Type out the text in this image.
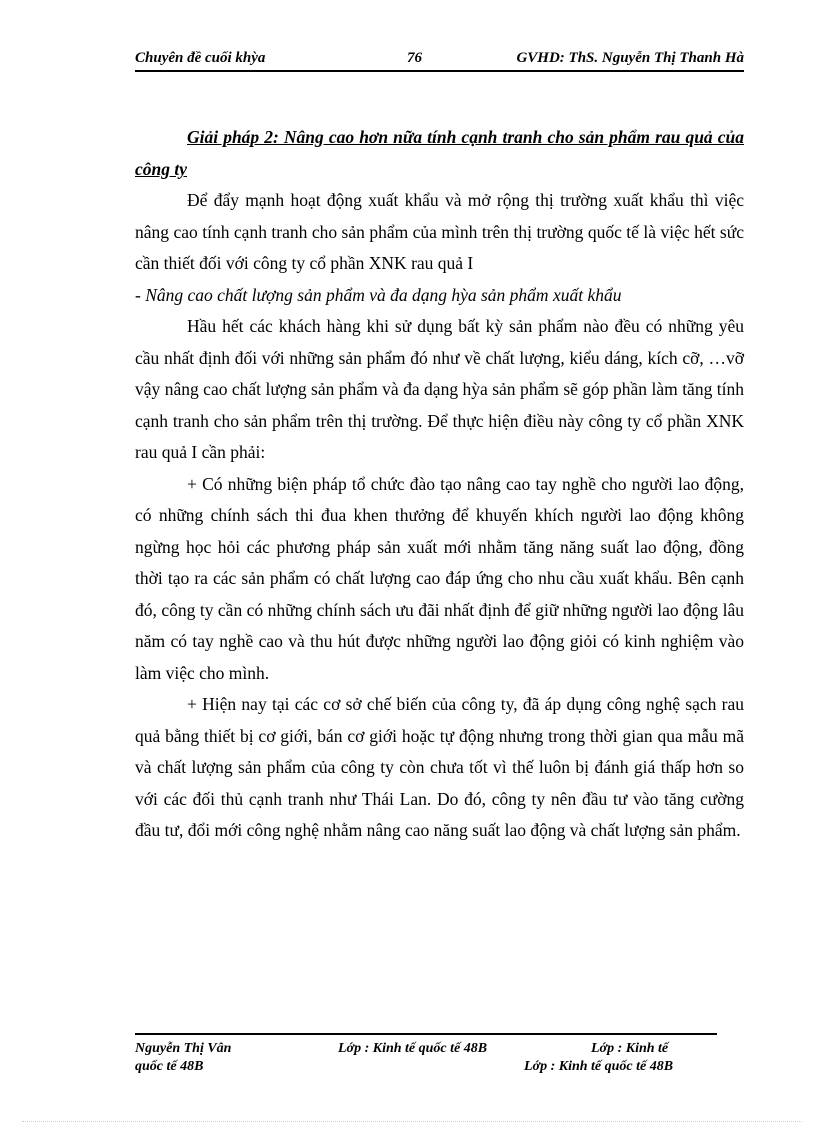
Chuyên đề cuối khỳa	76	GVHD: ThS. Nguyễn Thị Thanh Hà

Giải pháp 2: Nâng cao hơn nữa tính cạnh tranh cho sản phẩm rau quả của công ty

Để đẩy mạnh hoạt động xuất khẩu và mở rộng thị trường xuất khẩu thì việc nâng cao tính cạnh tranh cho sản phẩm của mình trên thị trường quốc tế là việc hết sức cần thiết đối với công ty cổ phần XNK rau quả I

- Nâng cao chất lượng sản phẩm và đa dạng hỳa sản phẩm xuất khẩu

Hầu hết các khách hàng khi sử dụng bất kỳ sản phẩm nào đều có những yêu cầu nhất định đối với những sản phẩm đó như về chất lượng, kiểu dáng, kích cỡ, …vỡ vậy nâng cao chất lượng sản phẩm và đa dạng hỳa sản phẩm sẽ góp phần làm tăng tính cạnh tranh cho sản phẩm trên thị trường. Để thực hiện điều này công ty cổ phần XNK rau quả I cần phải:

+ Có những biện pháp tổ chức đào tạo nâng cao tay nghề cho người lao động, có những chính sách thi đua khen thưởng để khuyến khích người lao động không ngừng học hỏi các phương pháp sản xuất mới nhằm tăng năng suất lao động, đồng thời tạo ra các sản phẩm có chất lượng cao đáp ứng cho nhu cầu xuất khẩu. Bên cạnh đó, công ty cần có những chính sách ưu đãi nhất định để giữ những người lao động lâu năm có tay nghề cao và thu hút được những người lao động giỏi có kinh nghiệm vào làm việc cho mình.

+ Hiện nay tại các cơ sở chế biến của công ty, đã áp dụng công nghệ sạch rau quả bằng thiết bị cơ giới, bán cơ giới hoặc tự động nhưng trong thời gian qua mẫu mã và chất lượng sản phẩm của công ty còn chưa tốt vì thế luôn bị đánh giá thấp hơn so với các đối thủ cạnh tranh như Thái Lan. Do đó, công ty nên đầu tư vào tăng cường đầu tư, đổi mới công nghệ nhằm nâng cao năng suất lao động và chất lượng sản phẩm.

Nguyễn Thị Vân	Lớp : Kinh tế quốc tế 48B	Lớp : Kinh tế
quốc tế 48B	Lớp : Kinh tế quốc tế 48B
